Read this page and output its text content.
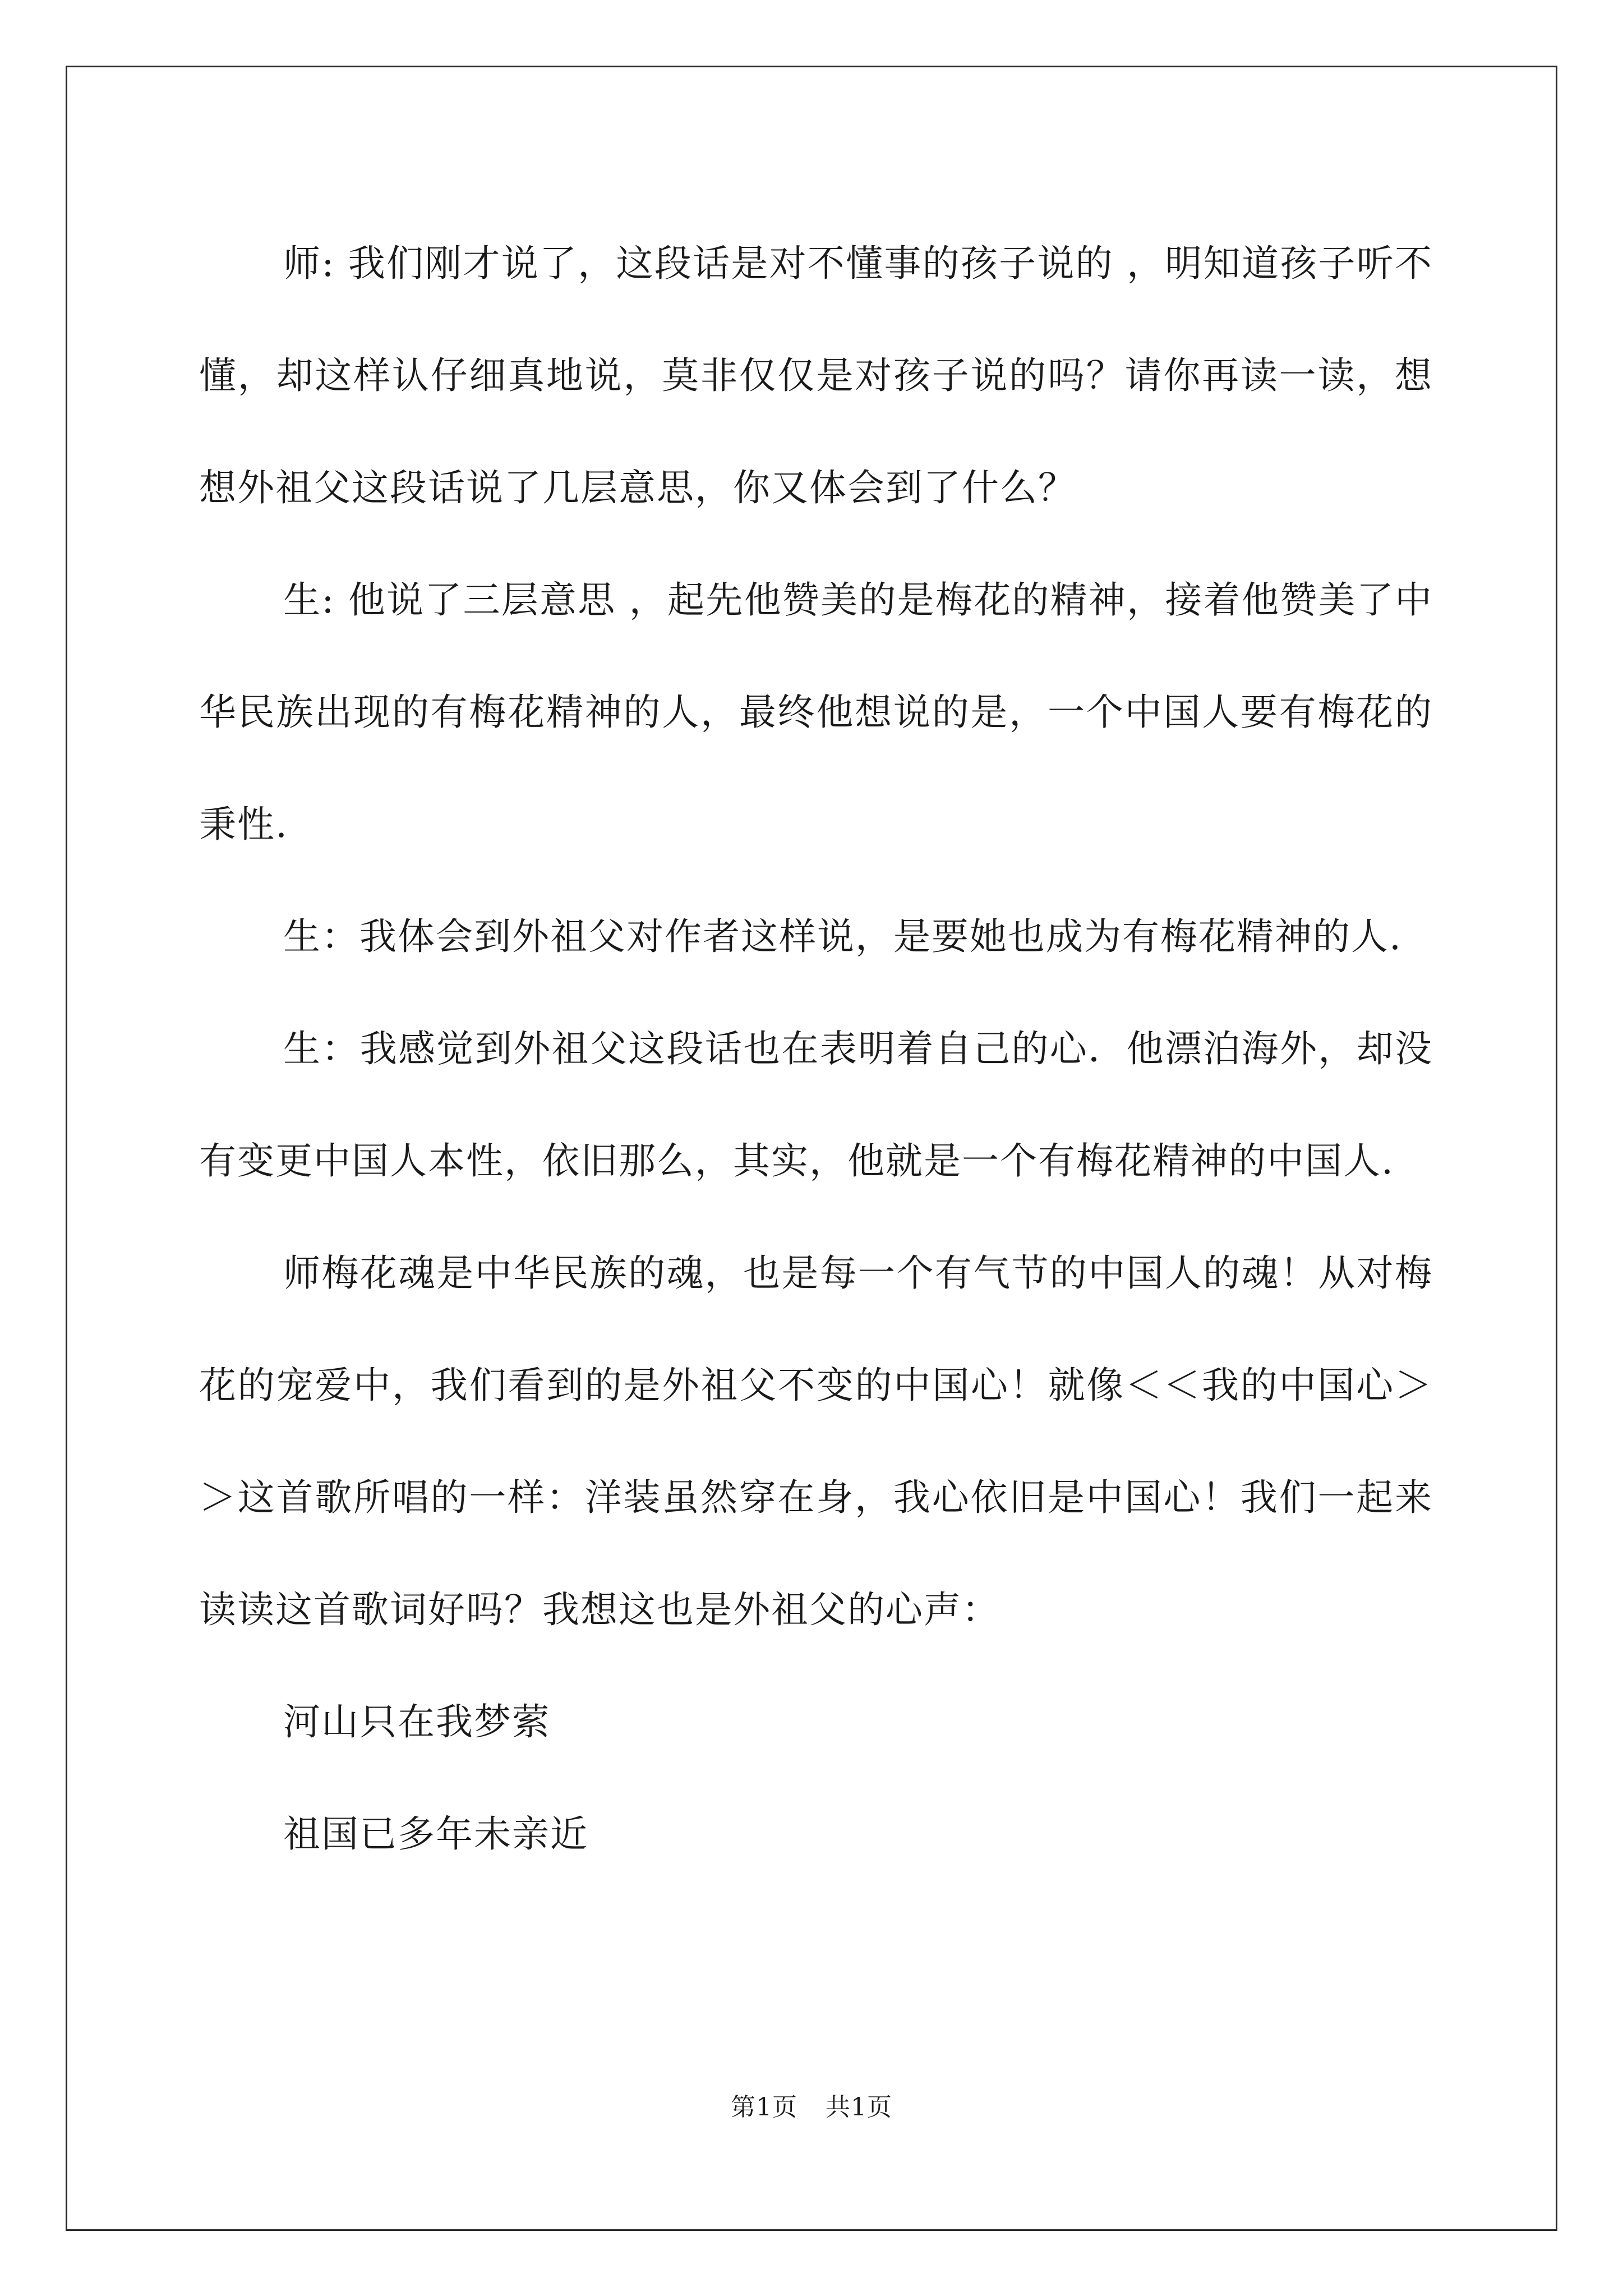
师: 我们刚才说了，这段话是对不懂事的孩子说的 ，明知道孩子听不懂，却这样认仔细真地说，莫非仅仅是对孩子说的吗？请你再读一读，想想外祖父这段话说了几层意思，你又体会到了什么？

生: 他说了三层意思 ，起先他赞美的是梅花的精神，接着他赞美了中华民族出现的有梅花精神的人，最终他想说的是，一个中国人要有梅花的秉性.

生：我体会到外祖父对作者这样说，是要她也成为有梅花精神的人.

生：我感觉到外祖父这段话也在表明着自己的心．他漂泊海外，却没有变更中国人本性，依旧那么，其实，他就是一个有梅花精神的中国人.

师梅花魂是中华民族的魂，也是每一个有气节的中国人的魂！从对梅花的宠爱中，我们看到的是外祖父不变的中国心！就像＜＜我的中国心＞＞这首歌所唱的一样：洋装虽然穿在身，我心依旧是中国心！我们一起来读读这首歌词好吗？我想这也是外祖父的心声：

河山只在我梦萦

祖国已多年未亲近

第1页 共1页
